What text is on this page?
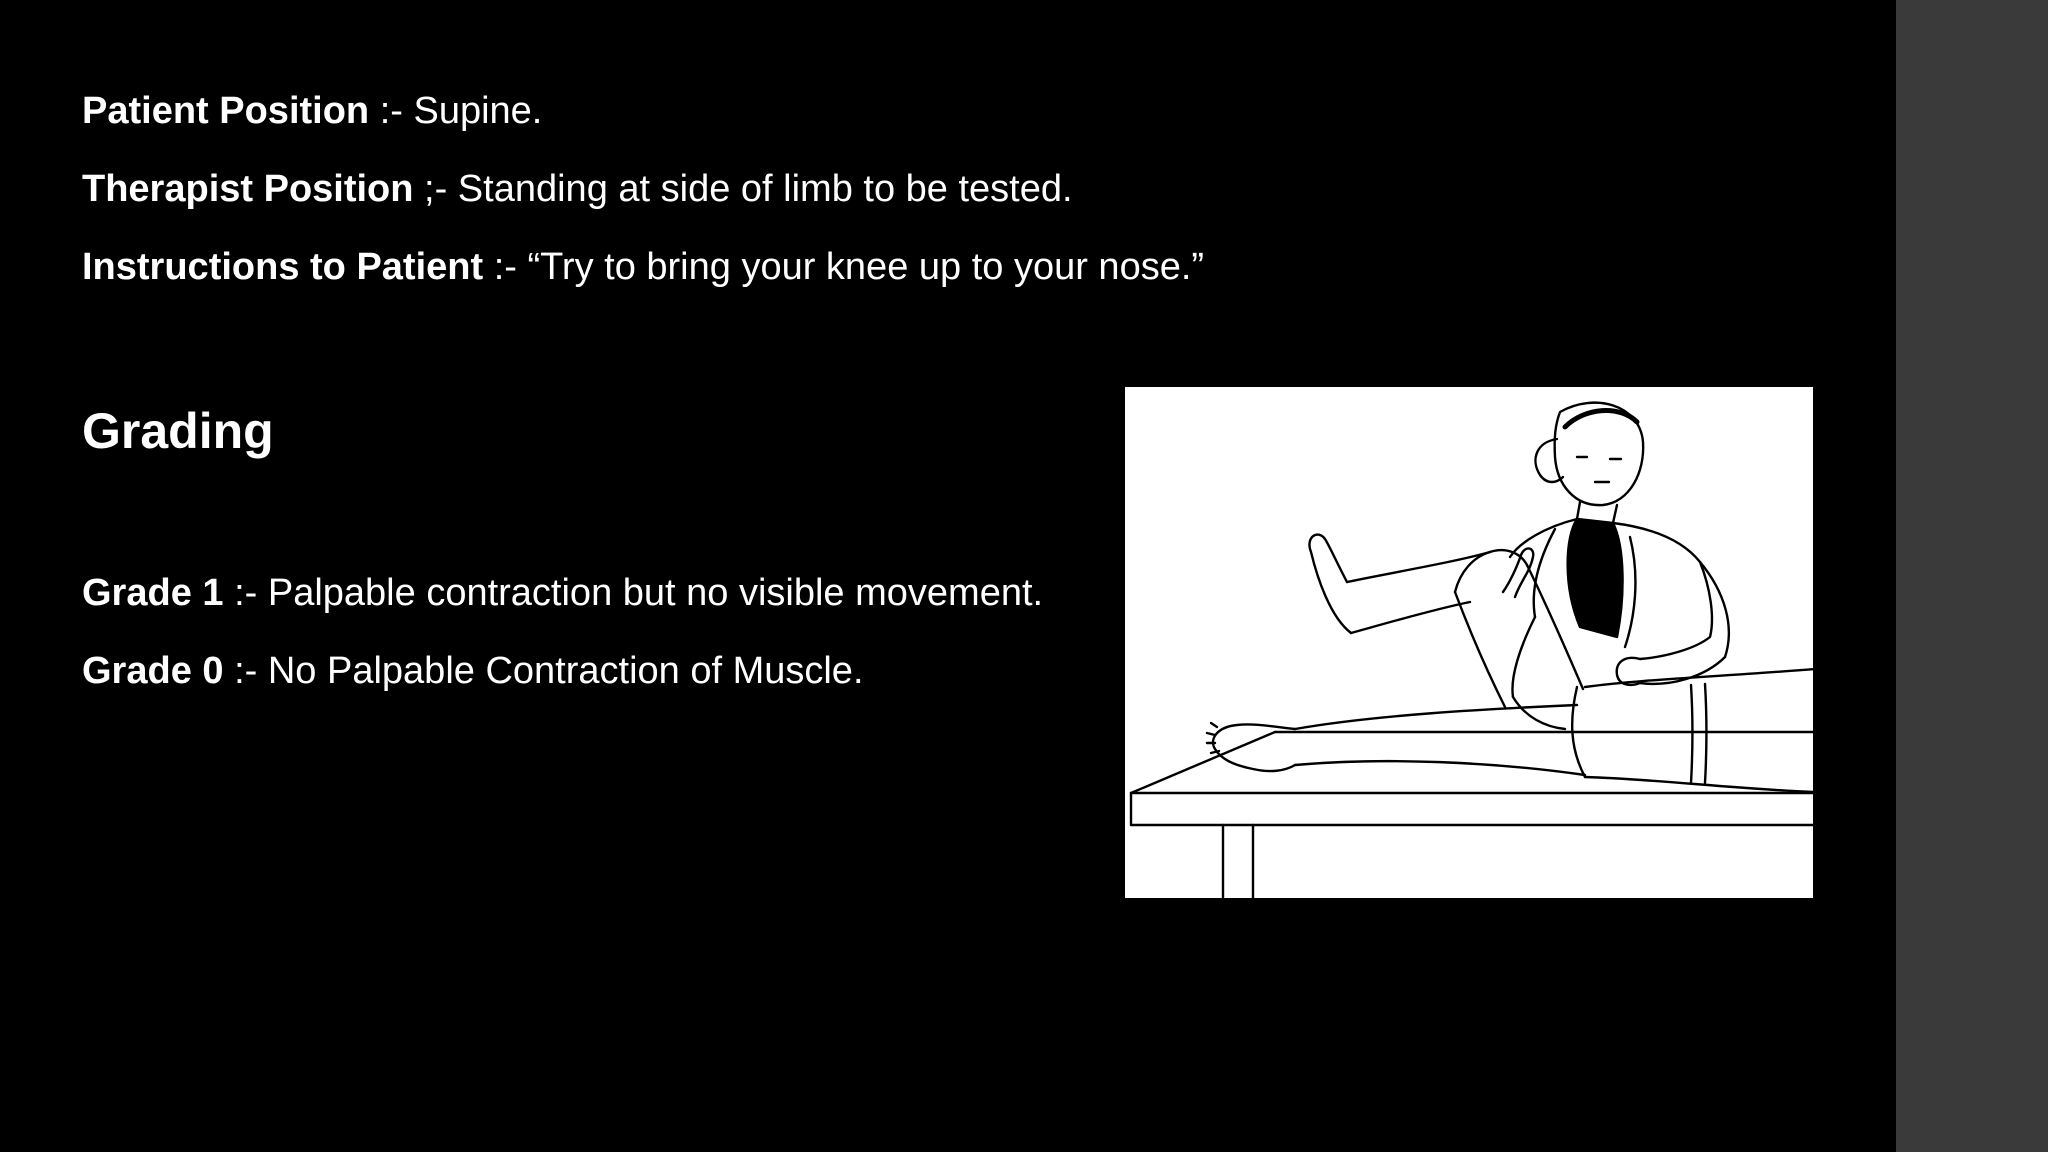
Patient Position :- Supine.

Therapist Position ;- Standing at side of limb to be tested.

Instructions to Patient :- “Try to bring your knee up to your nose.”

Grading

Grade 1 :- Palpable contraction but no visible movement.

Grade 0 :- No Palpable Contraction of Muscle.
